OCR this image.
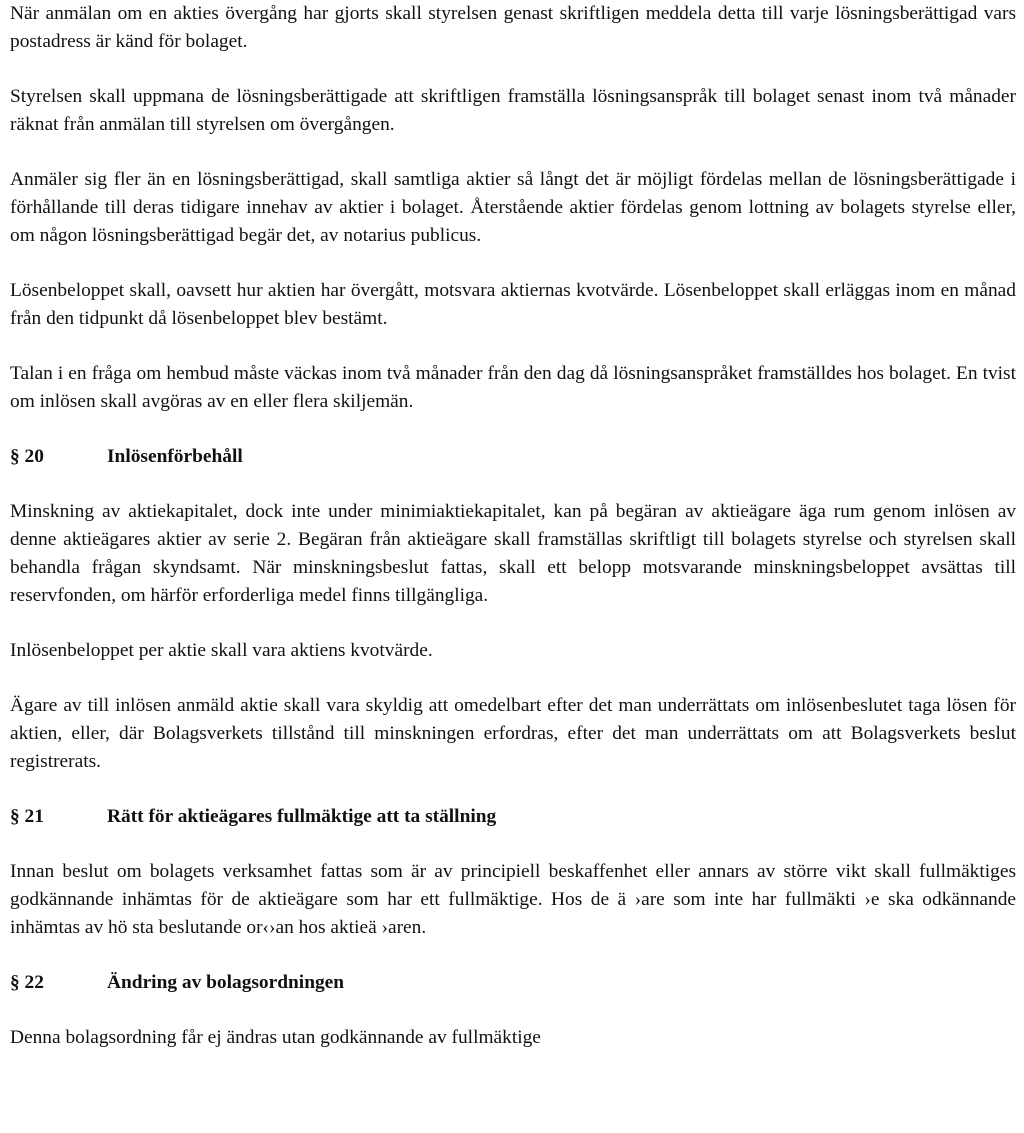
När anmälan om en akties övergång har gjorts skall styrelsen genast skriftligen meddela detta till varje lösningsberättigad vars postadress är känd för bolaget.

Styrelsen skall uppmana de lösningsberättigade att skriftligen framställa lösningsanspråk till bolaget senast inom två månader räknat från anmälan till styrelsen om övergången.

Anmäler sig fler än en lösningsberättigad, skall samtliga aktier så långt det är möjligt fördelas mellan de lösningsberättigade i förhållande till deras tidigare innehav av aktier i bolaget. Återstående aktier fördelas genom lottning av bolagets styrelse eller, om någon lösningsberättigad begär det, av notarius publicus.

Lösenbeloppet skall, oavsett hur aktien har övergått, motsvara aktiernas kvotvärde. Lösenbeloppet skall erläggas inom en månad från den tidpunkt då lösenbeloppet blev bestämt.

Talan i en fråga om hembud måste väckas inom två månader från den dag då lösningsanspråket framställdes hos bolaget. En tvist om inlösen skall avgöras av en eller flera skiljemän.

§ 20	Inlösenförbehåll

Minskning av aktiekapitalet, dock inte under minimiaktiekapitalet, kan på begäran av aktieägare äga rum genom inlösen av denne aktieägares aktier av serie 2. Begäran från aktieägare skall framställas skriftligt till bolagets styrelse och styrelsen skall behandla frågan skyndsamt. När minskningsbeslut fattas, skall ett belopp motsvarande minskningsbeloppet avsättas till reservfonden, om härför erforderliga medel finns tillgängliga.

Inlösenbeloppet per aktie skall vara aktiens kvotvärde.

Ägare av till inlösen anmäld aktie skall vara skyldig att omedelbart efter det man underrättats om inlösenbeslutet taga lösen för aktien, eller, där Bolagsverkets tillstånd till minskningen erfordras, efter det man underrättats om att Bolagsverkets beslut registrerats.

§ 21	Rätt för aktieägares fullmäktige att ta ställning

Innan beslut om bolagets verksamhet fattas som är av principiell beskaffenhet eller annars av större vikt skall fullmäktiges godkännande inhämtas för de aktieägare som har ett fullmäktige. Hos de ä ›are som inte har fullmäkti ›e ska odkännande inhämtas av hö sta beslutande or‹›an hos aktieä ›aren.

§ 22	Ändring av bolagsordningen

Denna bolagsordning får ej ändras utan godkännande av fullmäktige
